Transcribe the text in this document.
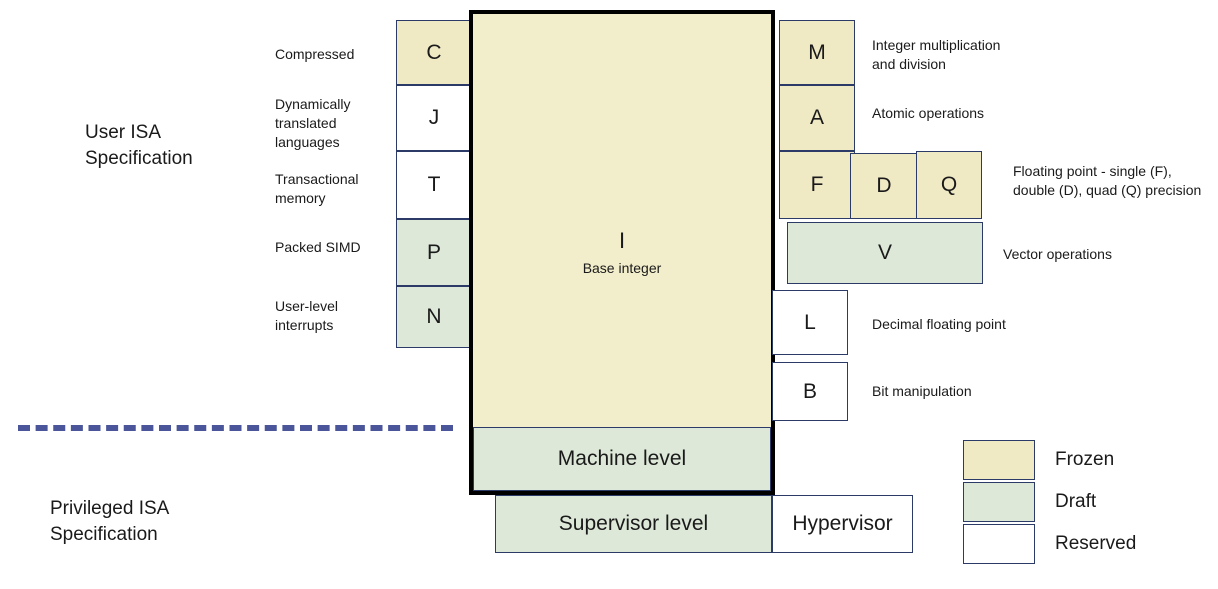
User ISA
Specification
Privileged ISA
Specification
Compressed
Dynamically
translated
languages
Transactional
memory
Packed SIMD
User-level
interrupts
C
J
T
P
N
I
Base integer
M
A
F	D Q
V
L
B
Integer multiplication
and division
Atomic operations
Floating point - single (F),
double (D), quad (Q) precision
Vector operations
Decimal floating point
Bit manipulation
Machine level
Supervisor level	Hypervisor
Frozen
Draft
Reserved
